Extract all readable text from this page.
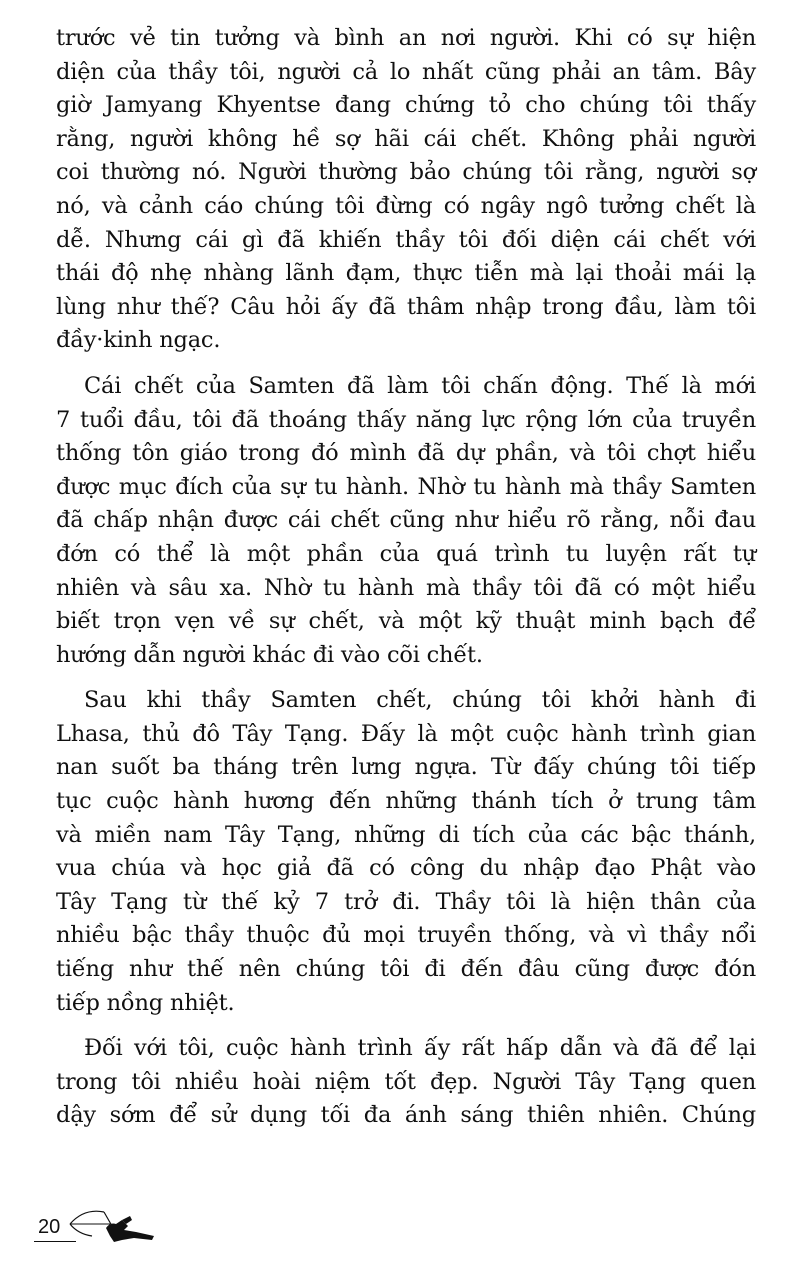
trước vẻ tin tưởng và bình an nơi người. Khi có sự hiện
diện của thầy tôi, người cả lo nhất cũng phải an tâm. Bây
giờ Jamyang Khyentse đang chứng tỏ cho chúng tôi thấy
rằng, người không hề sợ hãi cái chết. Không phải người
coi thường nó. Người thường bảo chúng tôi rằng, người sợ
nó, và cảnh cáo chúng tôi đừng có ngây ngô tưởng chết là
dễ. Nhưng cái gì đã khiến thầy tôi đối diện cái chết với
thái độ nhẹ nhàng lãnh đạm, thực tiễn mà lại thoải mái lạ
lùng như thế? Câu hỏi ấy đã thâm nhập trong đầu, làm tôi
đầy·kinh ngạc.
Cái chết của Samten đã làm tôi chấn động. Thế là mới
7 tuổi đầu, tôi đã thoáng thấy năng lực rộng lớn của truyền
thống tôn giáo trong đó mình đã dự phần, và tôi chợt hiểu
được mục đích của sự tu hành. Nhờ tu hành mà thầy Samten
đã chấp nhận được cái chết cũng như hiểu rõ rằng, nỗi đau
đớn có thể là một phần của quá trình tu luyện rất tự
nhiên và sâu xa. Nhờ tu hành mà thầy tôi đã có một hiểu
biết trọn vẹn về sự chết, và một kỹ thuật minh bạch để
hướng dẫn người khác đi vào cõi chết.
Sau khi thầy Samten chết, chúng tôi khởi hành đi
Lhasa, thủ đô Tây Tạng. Đấy là một cuộc hành trình gian
nan suốt ba tháng trên lưng ngựa. Từ đấy chúng tôi tiếp
tục cuộc hành hương đến những thánh tích ở trung tâm
và miền nam Tây Tạng, những di tích của các bậc thánh,
vua chúa và học giả đã có công du nhập đạo Phật vào
Tây Tạng từ thế kỷ 7 trở đi. Thầy tôi là hiện thân của
nhiều bậc thầy thuộc đủ mọi truyền thống, và vì thầy nổi
tiếng như thế nên chúng tôi đi đến đâu cũng được đón
tiếp nồng nhiệt.
Đối với tôi, cuộc hành trình ấy rất hấp dẫn và đã để lại
trong tôi nhiều hoài niệm tốt đẹp. Người Tây Tạng quen
dậy sớm để sử dụng tối đa ánh sáng thiên nhiên. Chúng
20
